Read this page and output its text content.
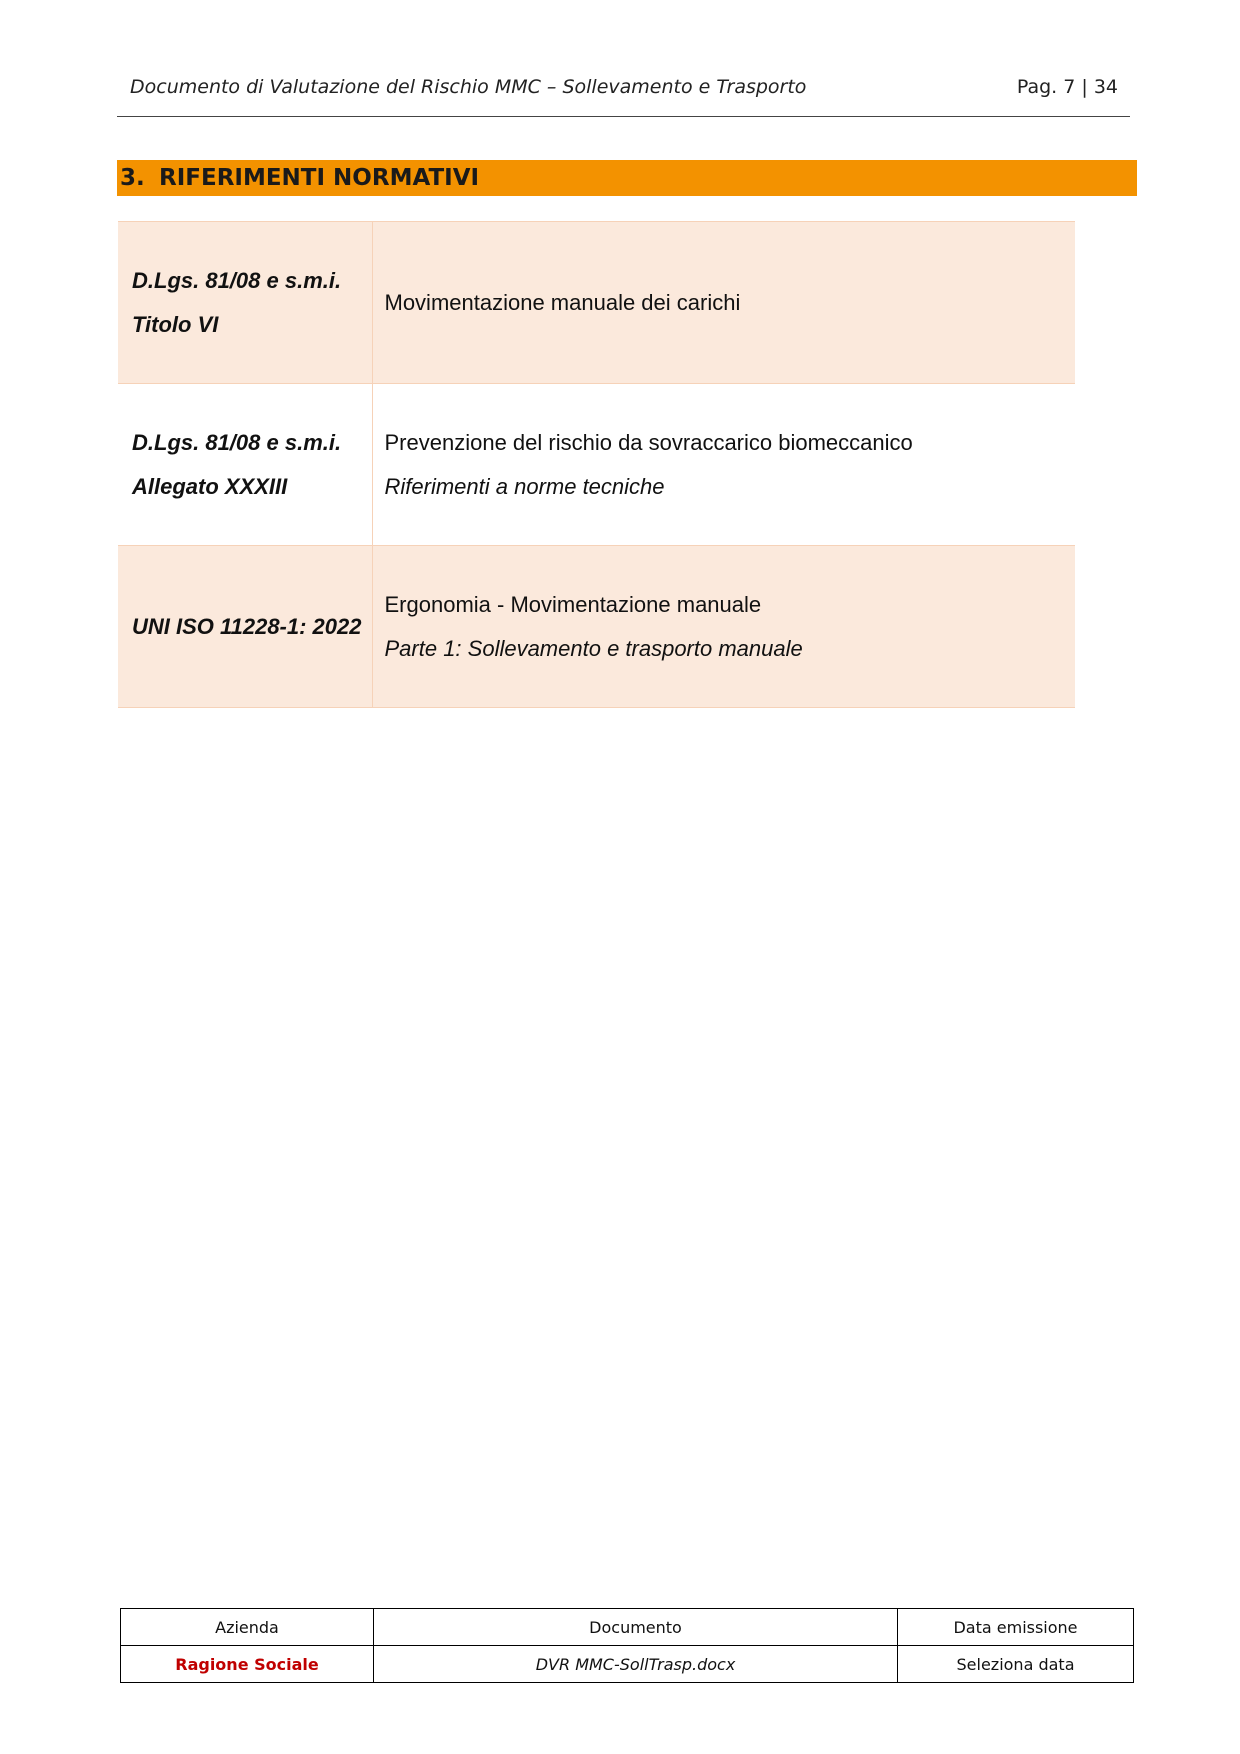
Documento di Valutazione del Rischio MMC – Sollevamento e Trasporto	Pag. 7 | 34
3. RIFERIMENTI NORMATIVI
D.Lgs. 81/08 e s.m.i.
Titolo VI	Movimentazione manuale dei carichi

D.Lgs. 81/08 e s.m.i.
Allegato XXXIII	Prevenzione del rischio da sovraccarico biomeccanico
Riferimenti a norme tecniche

UNI ISO 11228-1: 2022	Ergonomia - Movimentazione manuale
Parte 1: Sollevamento e trasporto manuale
Azienda	Documento	Data emissione
Ragione Sociale	DVR MMC-SollTrasp.docx	Seleziona data
